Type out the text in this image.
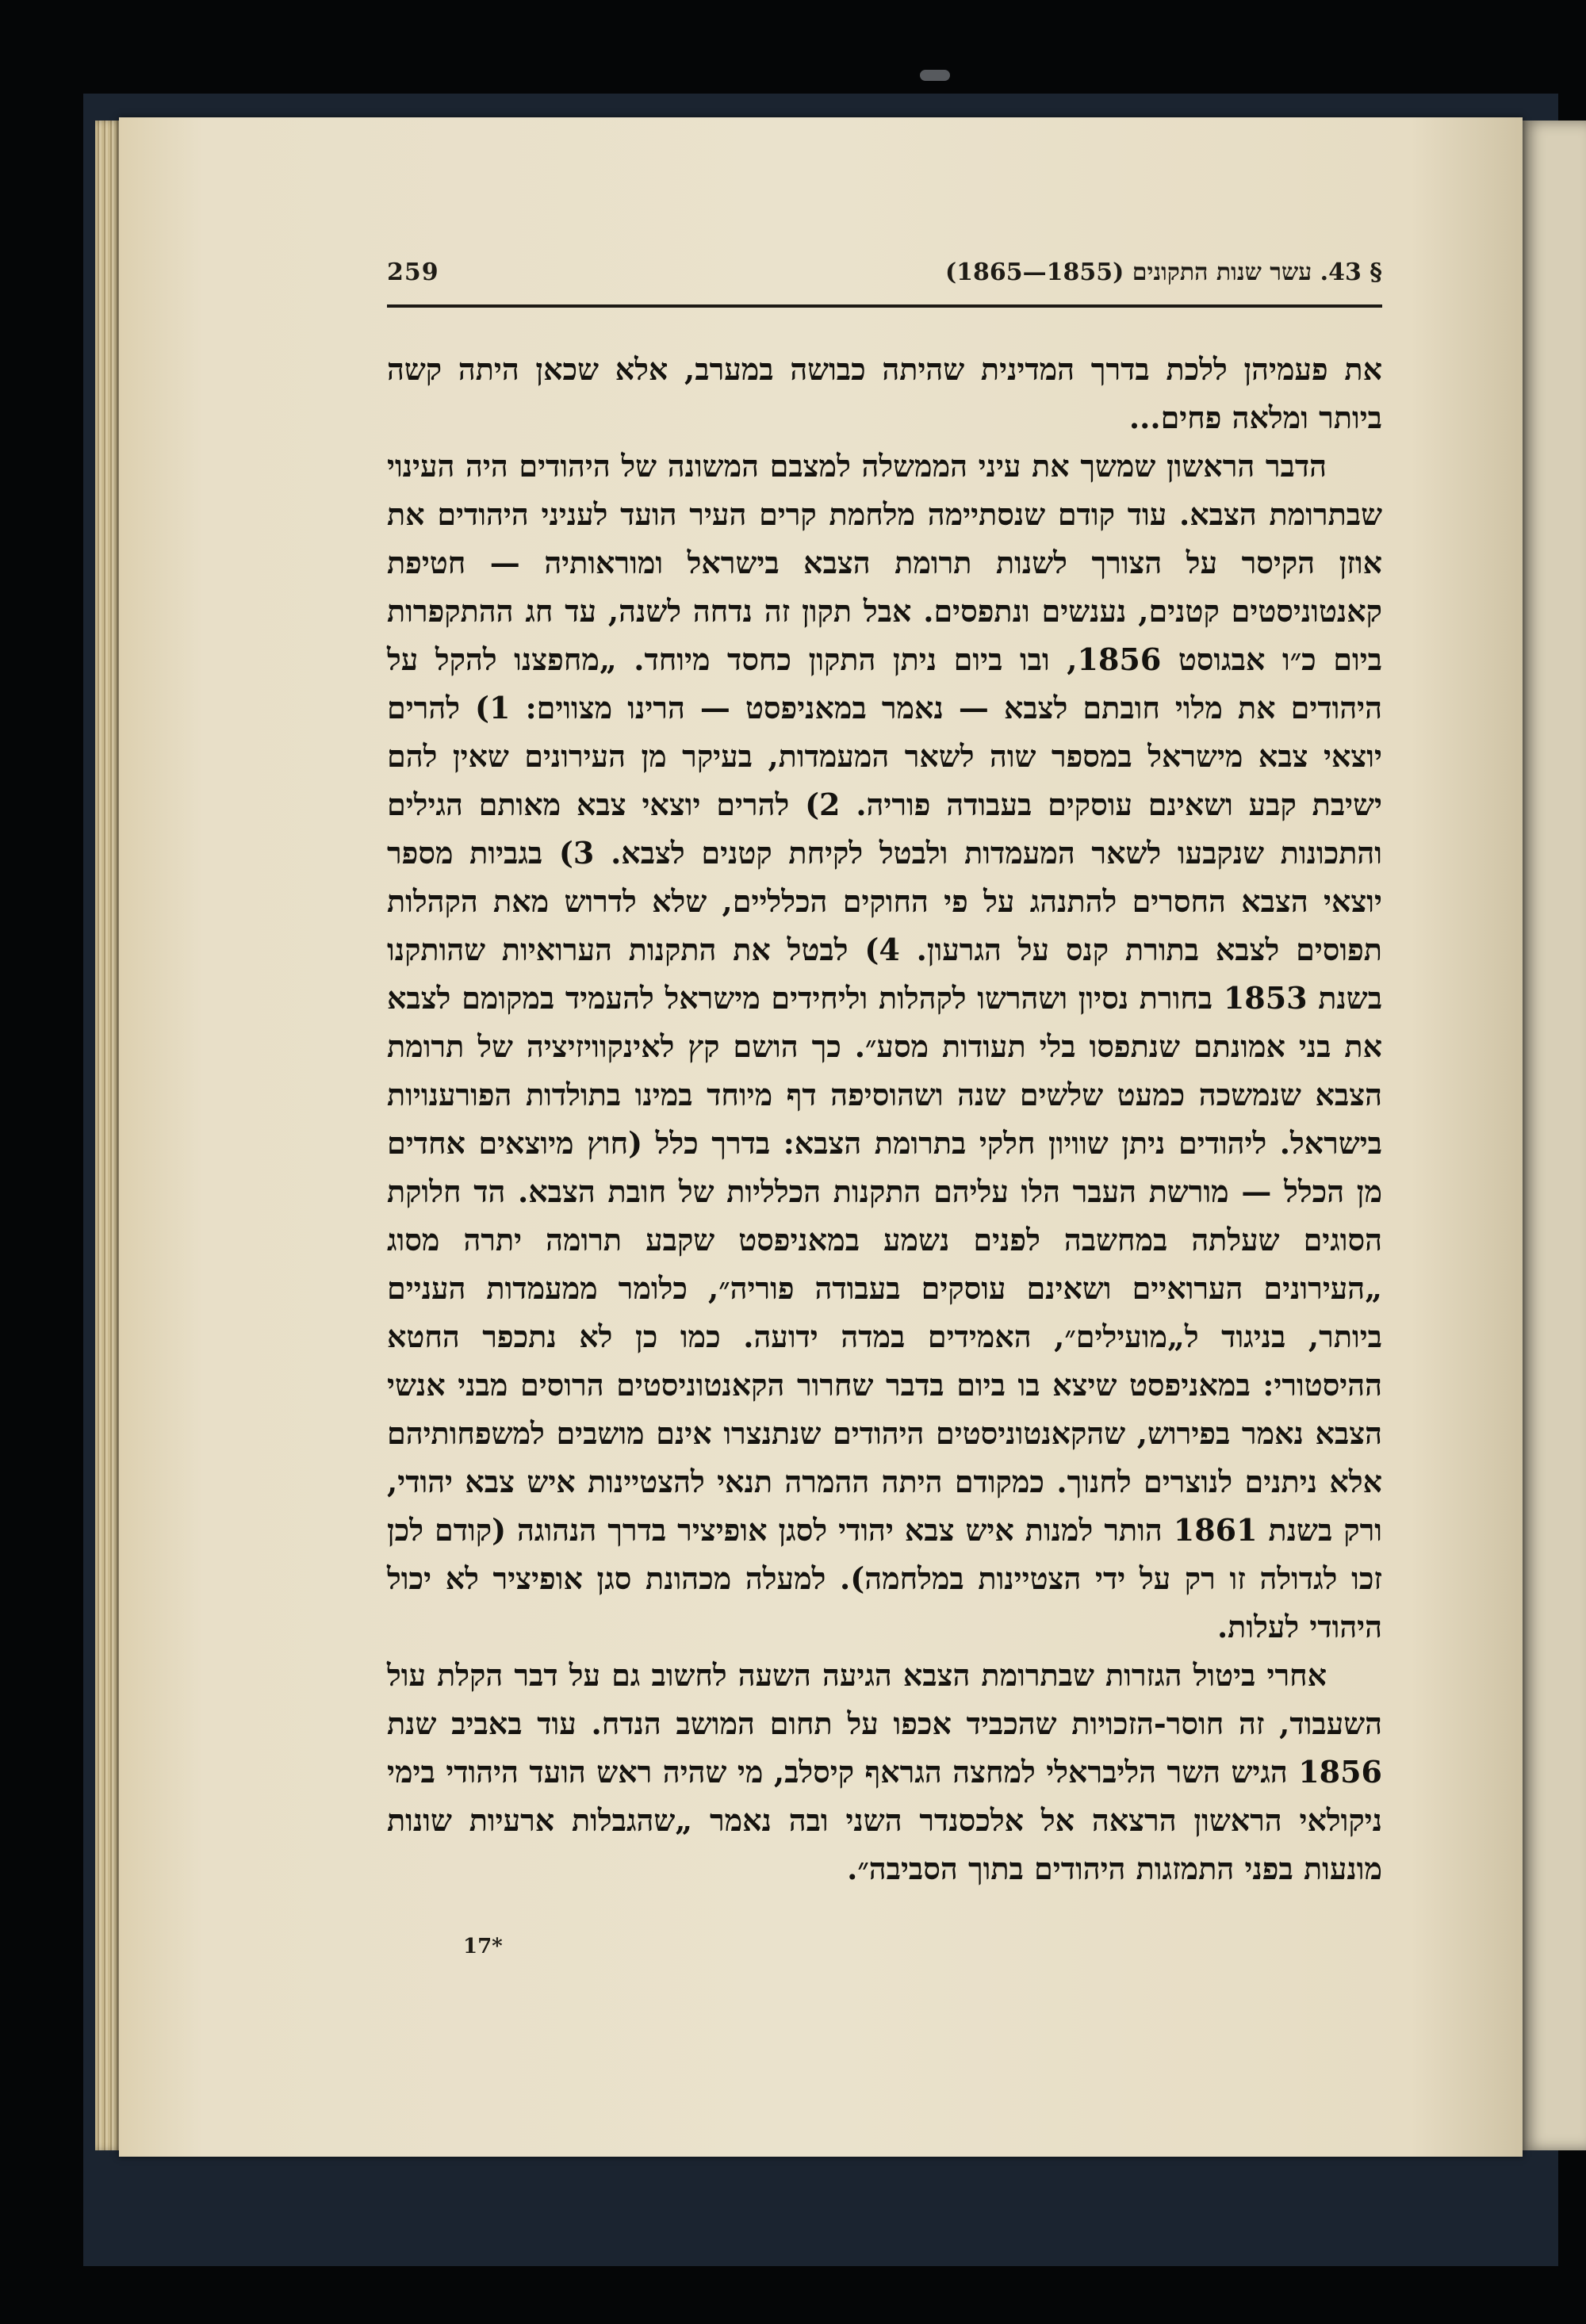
259	§ 43. עשר שנות התקונים (1855—1865)

את פעמיהן ללכת בדרך המדינית שהיתה כבושה במערב, אלא שכאן היתה קשה ביותר ומלאה פחים...

הדבר הראשון שמשך את עיני הממשלה למצבם המשונה של היהודים היה העינוי שבתרומת הצבא. עוד קודם שנסתיימה מלחמת קרים העיר הועד לעניני היהודים את אוזן הקיסר על הצורך לשנות תרומת הצבא בישראל ומוראותיה — חטיפת קאנטוניסטים קטנים, נענשים ונתפסים. אבל תקון זה נדחה לשנה, עד חג ההתקפרות ביום כ״ו אבגוסט 1856, ובו ביום ניתן התקון כחסד מיוחד. „מחפצנו להקל על היהודים את מלוי חובתם לצבא — נאמר במאניפסט — הרינו מצווים: 1) להרים יוצאי צבא מישראל במספר שוה לשאר המעמדות, בעיקר מן העירונים שאין להם ישיבת קבע ושאינם עוסקים בעבודה פוריה. 2) להרים יוצאי צבא מאותם הגילים והתכונות שנקבעו לשאר המעמדות ולבטל לקיחת קטנים לצבא. 3) בגביות מספר יוצאי הצבא החסרים להתנהג על פי החוקים הכלליים, שלא לדרוש מאת הקהלות תפוסים לצבא בתורת קנס על הגרעון. 4) לבטל את התקנות הערואיות שהותקנו בשנת 1853 בחורת נסיון ושהרשו לקהלות וליחידים מישראל להעמיד במקומם לצבא את בני אמונתם שנתפסו בלי תעודות מסע״. כך הושם קץ לאינקוויזיציה של תרומת הצבא שנמשכה כמעט שלשים שנה ושהוסיפה דף מיוחד במינו בתולדות הפורענויות בישראל. ליהודים ניתן שוויון חלקי בתרומת הצבא: בדרך כלל (חוץ מיוצאים אחדים מן הכלל — מורשת העבר הלו עליהם התקנות הכלליות של חובת הצבא. הד חלוקת הסוגים שעלתה במחשבה לפנים נשמע במאניפסט שקבע תרומה יתרה מסוג „העירונים הערואיים ושאינם עוסקים בעבודה פוריה״, כלומר ממעמדות העניים ביותר, בניגוד ל„מועילים״, האמידים במדה ידועה. כמו כן לא נתכפר החטא ההיסטורי: במאניפסט שיצא בו ביום בדבר שחרור הקאנטוניסטים הרוסים מבני אנשי הצבא נאמר בפירוש, שהקאנטוניסטים היהודים שנתנצרו אינם מושבים למשפחותיהם אלא ניתנים לנוצרים לחנוך. כמקודם היתה ההמרה תנאי להצטיינות איש צבא יהודי, ורק בשנת 1861 הותר למנות איש צבא יהודי לסגן אופיציר בדרך הנהוגה (קודם לכן זכו לגדולה זו רק על ידי הצטיינות במלחמה). למעלה מכהונת סגן אופיציר לא יכול היהודי לעלות.

אחרי ביטול הגזרות שבתרומת הצבא הגיעה השעה לחשוב גם על דבר הקלת עול השעבוד, זה חוסר-הזכויות שהכביד אכפו על תחום המושב הנדח. עוד באביב שנת 1856 הגיש השר הליבראלי למחצה הגראף קיסלב, מי שהיה ראש הועד היהודי בימי ניקולאי הראשון הרצאה אל אלכסנדר השני ובה נאמר „שהגבלות ארעיות שונות מונעות בפני התמזגות היהודים בתוך הסביבה״.

17*
